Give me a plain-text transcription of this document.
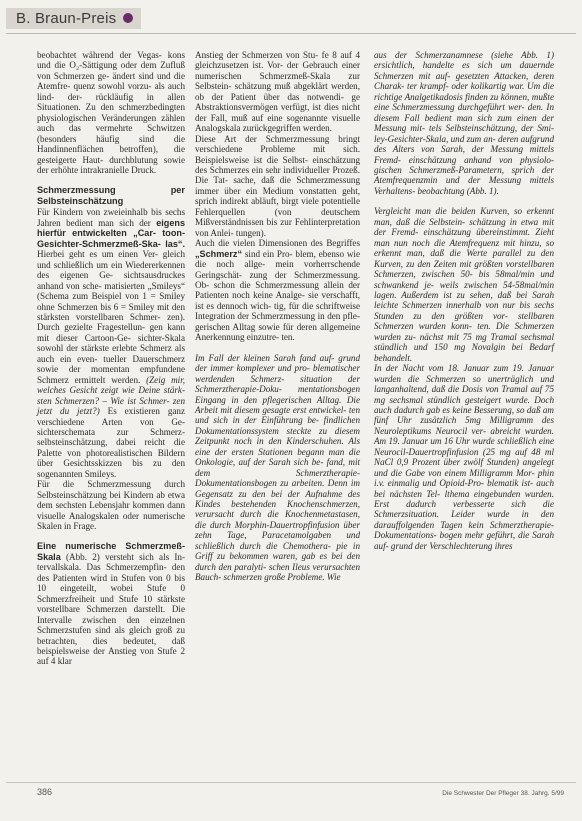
B. Braun-Preis

beobachtet während der Vegas- kons und die O₂-Sättigung oder dem Zufluß von Schmerzen ge- ändert sind und die Atemfre- quenz sowohl vorzu- als auch lind- der- rückläufig in allen Situationen. Zu den schmerzbedingten physiologischen Veränderungen zählen auch das vermehrte Schwitzen (besonders häufig sind die Handinnenflächen betroffen), die gesteigerte Haut- durchblutung sowie der erhöhte intrakranielle Druck.

Schmerzmessung per Selbsteinschätzung

Für Kindern von zweieinhalb bis sechs Jahren bedient man sich der eigens hierfür entwickelten „Car- toon-Gesichter-Schmerzmeß-Ska- las“. Hierbei geht es um einen Ver- gleich und schließlich um ein Wiedererkennen des eigenen Ge- sichtsausdruckes anhand von sche- matisierten „Smileys“ (Schema zum Beispiel von 1 = Smiley ohne Schmerzen bis 6 = Smiley mit den stärksten vorstellbaren Schmer- zen). Durch gezielte Fragestellun- gen kann mit dieser Cartoon-Ge- sichter-Skala sowohl der stärkste erlebte Schmerz als auch ein even- tueller Dauerschmerz sowie der momentan empfundene Schmerz ermittelt werden. (Zeig mir, welches Gesicht zeigt wie Deine stärk- sten Schmerzen? – Wie ist Schmer- zen jetzt du jetzt?) Es existieren ganz verschiedene Arten von Ge- sichterschemata zur Schmerz- selbsteinschätzung, dabei reicht die Palette von photorealistischen Bildern über Gesichtsskizzen bis zu den sogenannten Smileys.

Für die Schmerzmessung durch Selbsteinschätzung bei Kindern ab etwa dem sechsten Lebensjahr kommen dann visuelle Analogskalen oder numerische Skalen in Frage.

Eine numerische Schmerzmeß- Skala (Abb. 2) versteht sich als In- tervallskala. Das Schmerzempfin- den des Patienten wird in Stufen von 0 bis 10 eingeteilt, wobei Stufe 0 Schmerzfreiheit und Stufe 10 stärkste vorstellbare Schmerzen darstellt. Die Intervalle zwischen den einzelnen Schmerzstufen sind als gleich groß zu betrachten, dies bedeutet, daß beispielsweise der Anstieg von Stufe 2 auf 4 klar

Anstieg der Schmerzen von Stu- fe 8 auf 4 gleichzusetzen ist. Vor- der Gebrauch einer numerischen Schmerzmeß-Skala zur Selbstein- schätzung muß abgeklärt werden, ob der Patient über das notwendi- ge Abstraktionsvermögen verfügt, ist dies nicht der Fall, muß auf eine sogenannte visuelle Analogskala zurückgegriffen werden.

Diese Art der Schmerzmessung bringt verschiedene Probleme mit sich. Beispielsweise ist die Selbst- einschätzung des Schmerzes ein sehr individueller Prozeß. Die Tat- sache, daß die Schmerzmessung immer über ein Medium vonstatten geht, sprich indirekt abläuft, birgt viele potentielle Fehlerquellen (von deutschem Mißverständnissen bis zur Fehlinterpretation von Anlei- tungen).

Auch die vielen Dimensionen des Begriffes „Schmerz“ sind ein Pro- blem, ebenso wie die noch allge- mein vorherrschende Geringschät- zung der Schmerzmessung. Ob- schon die Schmerzmessung allein der Patienten noch keine Analge- sie verschafft, ist es dennoch wich- tig, für die schriftweise Integration der Schmerzmessung in den pfle- gerischen Alltag sowie für deren allgemeine Anerkennung einzutre- ten.

Im Fall der kleinen Sarah fand auf- grund der immer komplexer und pro- blematischer werdenden Schmerz- situation der Schmerztherapie-Doku- mentationsbogen Eingang in den pflegerischen Alltag. Die Arbeit mit diesem gesagte erst entwickel- ten und sich in der Einführung be- findlichen Dokumentationssystem steckte zu diesem Zeitpunkt noch in den Kinderschuhen. Als eine der ersten Stationen begann man die Onkologie, auf der Sarah sich be- fand, mit dem Schmerztherapie- Dokumentationsbogen zu arbeiten. Denn im Gegensatz zu den bei der Aufnahme des Kindes bestehenden Knochenschmerzen, verursacht durch die Knochenmetastasen, die durch Morphin-Dauertropfinfusion über zehn Tage, Paracetamolgaben und schließlich durch die Chemothera- pie in Griff zu bekommen waren, gab es bei den durch den paralyti- schen Ileus verursachten Bauch- schmerzen große Probleme. Wie

aus der Schmerzanamnese (siehe Abb. 1) ersichtlich, handelte es sich um dauernde Schmerzen mit auf- gesetzten Attacken, deren Charak- ter krampf- oder kolikartig war. Um die richtige Analgetikadosis finden zu können, mußte eine Schmerzmessung durchgeführt wer- den. In diesem Fall bedient man sich zum einen der Messung mit- tels Selbsteinschätzung, der Smi- ley-Gesichter-Skala, und zum an- deren aufgrund des Alters von Sarah, der Messung mittels Fremd- einschätzung anhand von physiolo- gischen Schmerzmeß-Parametern, sprich der Atemfrequenzmin und der Messung mittels Verhaltens- beobachtung (Abb. 1).

Vergleicht man die beiden Kurven, so erkennt man, daß die Selbstein- schätzung in etwa mit der Fremd- einschätzung übereinstimmt. Zieht man nun noch die Atemfrequenz mit hinzu, so erkennt man, daß die Werte parallel zu den Kurven, zu den Zeiten mit größten vorstellbaren Schmerzen, zwischen 50- bis 58mal/min und schwankend je- weils zwischen 54-58mal/min lagen. Außerdem ist zu sehen, daß bei Sarah leichte Schmerzen innerhalb von nur bis sechs Stunden zu den größten vor- stellbaren Schmerzen wurden konn- ten. Die Schmerzen wurden zu- nächst mit 75 mg Tramal sechsmal stündlich und 150 mg Novalgin bei Bedarf behandelt.

In der Nacht vom 18. Januar zum 19. Januar wurden die Schmerzen so unerträglich und langanhaltend, daß die Dosis von Tramal auf 75 mg sechsmal stündlich gesteigert wurde. Doch auch dadurch gab es keine Besserung, so daß am fünf Uhr zusätzlich 5mg Milligramm des Neuroleptikums Neurocil ver- abreicht wurden. Am 19. Januar um 16 Uhr wurde schließlich eine Neurocil-Dauertropfinfusion (25 mg auf 48 ml NaCl 0,9 Prozent über zwölf Stunden) angelegt und die Gabe von einem Milligramm Mor- phin i.v. einmalig und Opioid-Pro- blematik ist- auch bei nächsten Tel- lthema eingebunden wurden. Erst dadurch verbesserte sich die Schmerzsituation. Leider wurde in den darauffolgenden Tagen kein Schmerztherapie-Dokumentations- bogen mehr geführt, die Sarah auf- grund der Verschlechterung ihres

386	Die Schwester Der Pfleger 38. Jahrg. 5/99
